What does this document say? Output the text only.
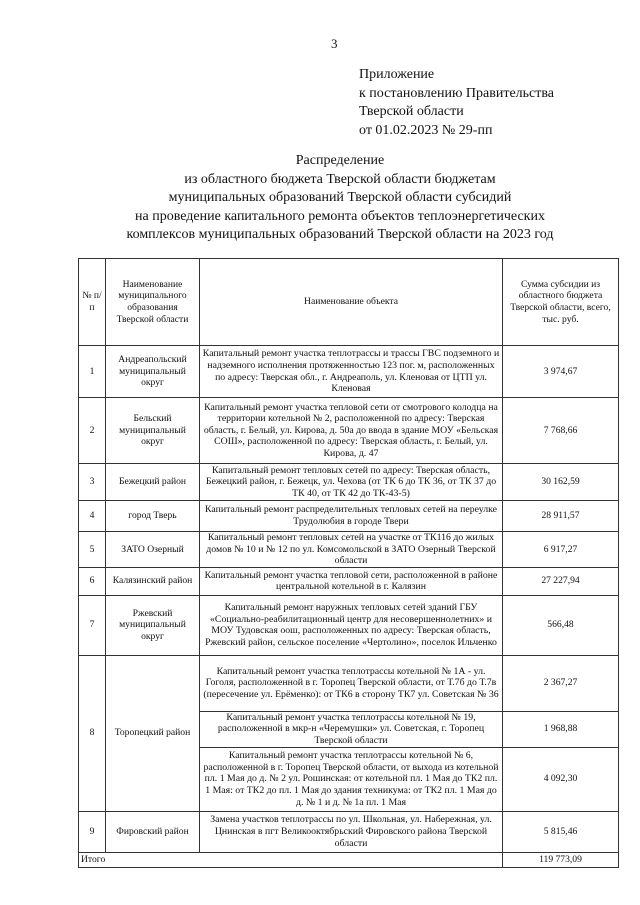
3
Приложение
к постановлению Правительства
Тверской области
от 01.02.2023 № 29-пп
Распределение
из областного бюджета Тверской области бюджетам
муниципальных образований Тверской области субсидий
на проведение капитального ремонта объектов теплоэнергетических
комплексов муниципальных образований Тверской области на 2023 год
№ п/п	Наименование муниципального образования Тверской области	Наименование объекта	Сумма субсидии из областного бюджета Тверской области, всего, тыс. руб.
1	Андреапольский муниципальный округ	Капитальный ремонт участка теплотрассы и трассы ГВС подземного и надземного исполнения протяженностью 123 пог. м, расположенных по адресу: Тверская обл., г. Андреаполь, ул. Кленовая от ЦТП ул. Кленовая	3 974,67
2	Бельский муниципальный округ	Капитальный ремонт участка тепловой сети от смотрового колодца на территории котельной № 2, расположенной по адресу: Тверская область, г. Белый, ул. Кирова, д. 50а до ввода в здание МОУ «Бельская СОШ», расположенной по адресу: Тверская область, г. Белый, ул. Кирова, д. 47	7 768,66
3	Бежецкий район	Капитальный ремонт тепловых сетей по адресу: Тверская область, Бежецкий район, г. Бежецк, ул. Чехова (от ТК 6 до ТК 36, от ТК 37 до ТК 40, от ТК 42 до ТК-43-5)	30 162,59
4	город Тверь	Капитальный ремонт распределительных тепловых сетей на переулке Трудолюбия в городе Твери	28 911,57
5	ЗАТО Озерный	Капитальный ремонт тепловых сетей на участке от ТК116 до жилых домов № 10 и № 12 по ул. Комсомольской в ЗАТО Озерный Тверской области	6 917,27
6	Калязинский район	Капитальный ремонт участка тепловой сети, расположенной в районе центральной котельной в г. Калязин	27 227,94
7	Ржевский муниципальный округ	Капитальный ремонт наружных тепловых сетей зданий ГБУ «Социально-реабилитационный центр для несовершеннолетних» и МОУ Тудовская оош, расположенных по адресу: Тверская область, Ржевский район, сельское поселение «Чертолино», поселок Ильченко	566,48
8	Торопецкий район	Капитальный ремонт участка теплотрассы котельной № 1А - ул. Гоголя, расположенной в г. Торопец Тверской области, от Т.7б до Т.7в (пересечение ул. Ерёменко): от ТК6 в сторону ТК7 ул. Советская № 36	2 367,27
		Капитальный ремонт участка теплотрассы котельной № 19, расположенной в мкр-н «Черемушки» ул. Советская, г. Торопец Тверской области	1 968,88
		Капитальный ремонт участка теплотрассы котельной № 6, расположенной в г. Торопец Тверской области, от выхода из котельной пл. 1 Мая до д. № 2 ул. Рошинская: от котельной пл. 1 Мая до ТК2 пл. 1 Мая: от ТК2 до пл. 1 Мая до здания техникума: от ТК2 пл. 1 Мая до д. № 1 и д. № 1а пл. 1 Мая	4 092,30
9	Фировский район	Замена участков теплотрассы по ул. Школьная, ул. Набережная, ул. Цнинская в пгт Великооктябрьский Фировского района Тверской области	5 815,46
Итого			119 773,09
